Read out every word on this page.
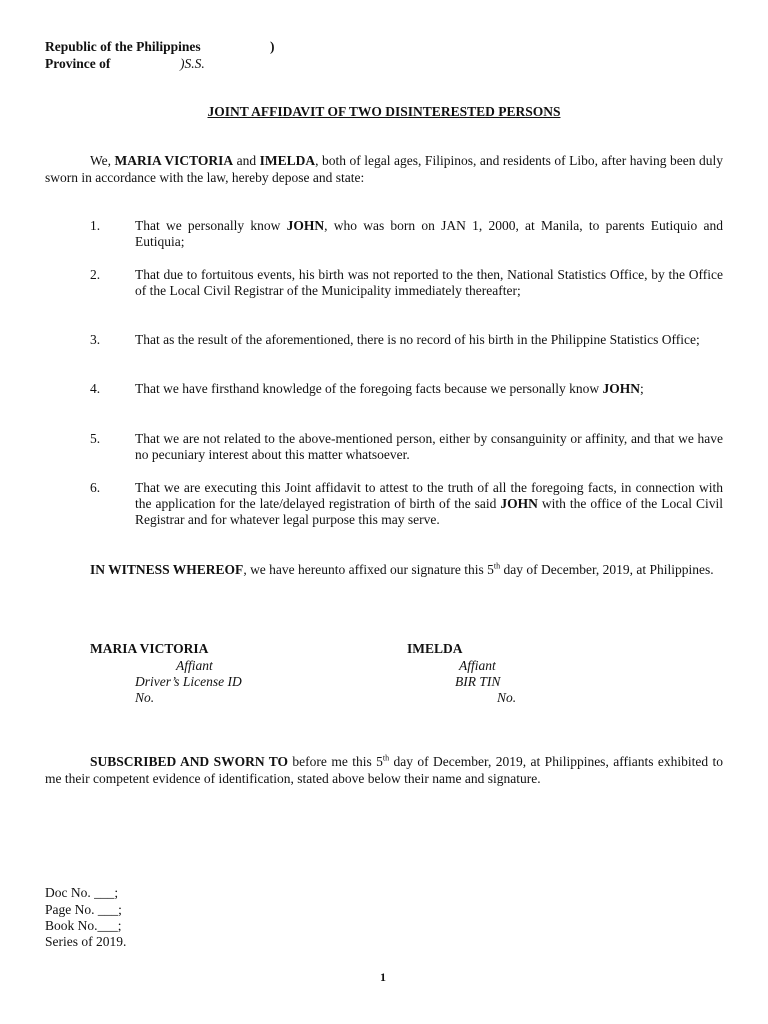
Republic of the Philippines	)
Province of	)S.S.
JOINT AFFIDAVIT OF TWO DISINTERESTED PERSONS
We, MARIA VICTORIA and IMELDA, both of legal ages, Filipinos, and residents of Libo, after having been duly sworn in accordance with the law, hereby depose and state:
1.	That we personally know JOHN, who was born on JAN 1, 2000, at Manila, to parents Eutiquio and Eutiquia;
2.	That due to fortuitous events, his birth was not reported to the then, National Statistics Office, by the Office of the Local Civil Registrar of the Municipality immediately thereafter;
3.	That as the result of the aforementioned, there is no record of his birth in the Philippine Statistics Office;
4.	That we have firsthand knowledge of the foregoing facts because we personally know JOHN;
5.	That we are not related to the above-mentioned person, either by consanguinity or affinity, and that we have no pecuniary interest about this matter whatsoever.
6.	That we are executing this Joint affidavit to attest to the truth of all the foregoing facts, in connection with the application for the late/delayed registration of birth of the said JOHN with the office of the Local Civil Registrar and for whatever legal purpose this may serve.
IN WITNESS WHEREOF, we have hereunto affixed our signature this 5th day of December, 2019, at Philippines.
MARIA VICTORIA
Affiant
Driver’s License ID
No.
IMELDA
Affiant
BIR TIN
No.
SUBSCRIBED AND SWORN TO before me this 5th day of December, 2019, at Philippines, affiants exhibited to me their competent evidence of identification, stated above below their name and signature.
Doc No. ___;
Page No. ___;
Book No.___;
Series of 2019.
1
